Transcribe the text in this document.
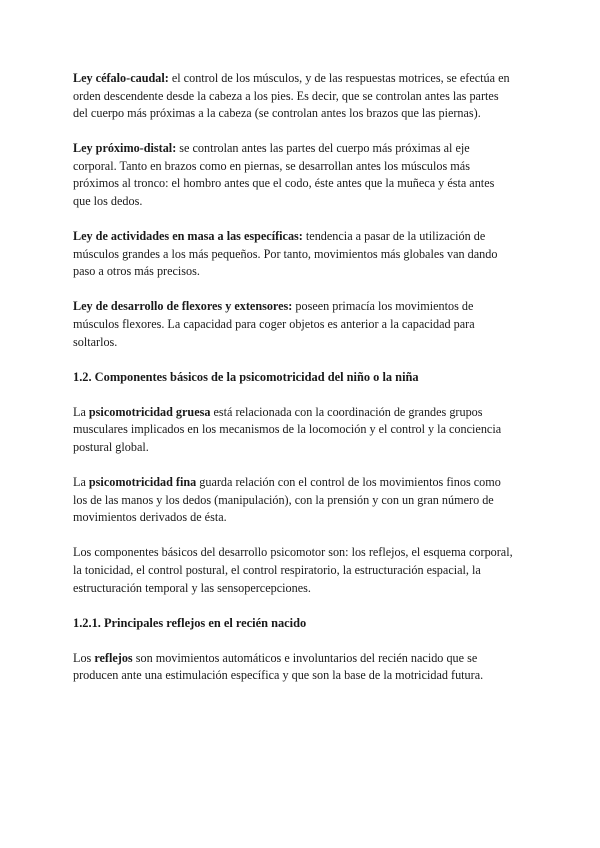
Ley céfalo-caudal: el control de los músculos, y de las respuestas motrices, se efectúa en orden descendente desde la cabeza a los pies. Es decir, que se controlan antes las partes del cuerpo más próximas a la cabeza (se controlan antes los brazos que las piernas).

Ley próximo-distal: se controlan antes las partes del cuerpo más próximas al eje corporal. Tanto en brazos como en piernas, se desarrollan antes los músculos más próximos al tronco: el hombro antes que el codo, éste antes que la muñeca y ésta antes que los dedos.

Ley de actividades en masa a las específicas: tendencia a pasar de la utilización de músculos grandes a los más pequeños. Por tanto, movimientos más globales van dando paso a otros más precisos.

Ley de desarrollo de flexores y extensores: poseen primacía los movimientos de músculos flexores. La capacidad para coger objetos es anterior a la capacidad para soltarlos.

1.2. Componentes básicos de la psicomotricidad del niño o la niña

La psicomotricidad gruesa está relacionada con la coordinación de grandes grupos musculares implicados en los mecanismos de la locomoción y el control y la conciencia postural global.

La psicomotricidad fina guarda relación con el control de los movimientos finos como los de las manos y los dedos (manipulación), con la prensión y con un gran número de movimientos derivados de ésta.

Los componentes básicos del desarrollo psicomotor son: los reflejos, el esquema corporal, la tonicidad, el control postural, el control respiratorio, la estructuración espacial, la estructuración temporal y las sensopercepciones.

1.2.1. Principales reflejos en el recién nacido

Los reflejos son movimientos automáticos e involuntarios del recién nacido que se producen ante una estimulación específica y que son la base de la motricidad futura.
